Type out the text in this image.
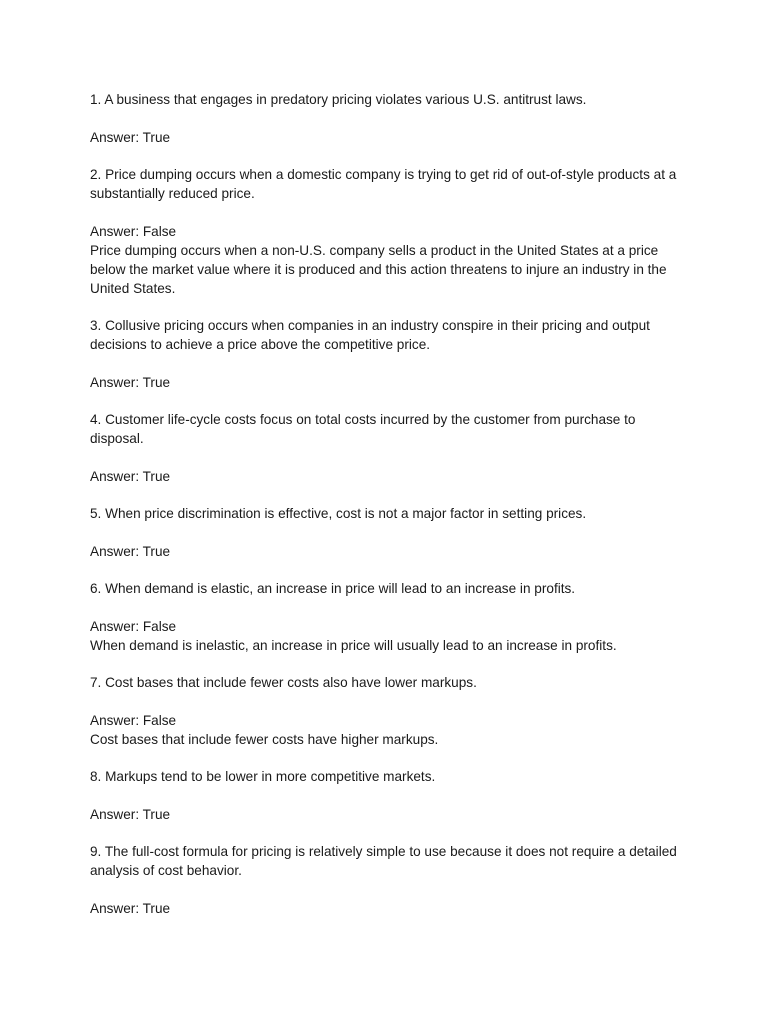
1. A business that engages in predatory pricing violates various U.S. antitrust laws.

Answer: True

2. Price dumping occurs when a domestic company is trying to get rid of out-of-style products at a substantially reduced price.

Answer: False

Price dumping occurs when a non-U.S. company sells a product in the United States at a price below the market value where it is produced and this action threatens to injure an industry in the United States.

3. Collusive pricing occurs when companies in an industry conspire in their pricing and output decisions to achieve a price above the competitive price.

Answer: True

4. Customer life-cycle costs focus on total costs incurred by the customer from purchase to disposal.

Answer: True

5. When price discrimination is effective, cost is not a major factor in setting prices.

Answer: True

6. When demand is elastic, an increase in price will lead to an increase in profits.

Answer: False

When demand is inelastic, an increase in price will usually lead to an increase in profits.

7. Cost bases that include fewer costs also have lower markups.

Answer: False

Cost bases that include fewer costs have higher markups.

8. Markups tend to be lower in more competitive markets.

Answer: True

9. The full-cost formula for pricing is relatively simple to use because it does not require a detailed analysis of cost behavior.

Answer: True
